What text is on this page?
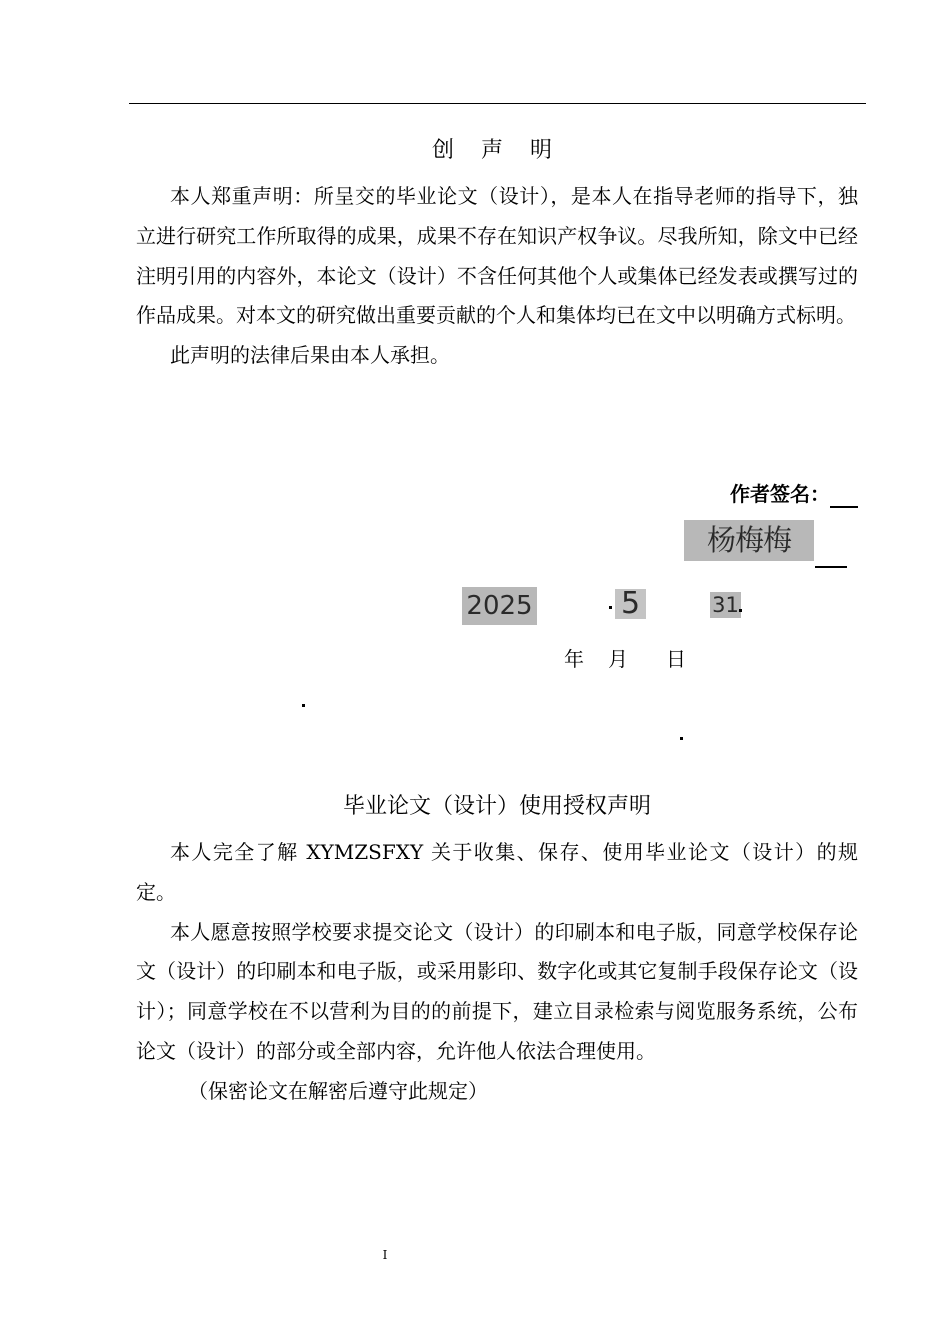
创 声 明

本人郑重声明：所呈交的毕业论文（设计），是本人在指导老师的指导下，独立进行研究工作所取得的成果，成果不存在知识产权争议。尽我所知，除文中已经注明引用的内容外，本论文（设计）不含任何其他个人或集体已经发表或撰写过的作品成果。对本文的研究做出重要贡献的个人和集体均已在文中以明确方式标明。

此声明的法律后果由本人承担。

作者签名：
杨梅梅
2025	5	31
年 月 日
毕业论文（设计）使用授权声明

本人完全了解 XYMZSFXY 关于收集、保存、使用毕业论文（设计）的规定。

本人愿意按照学校要求提交论文（设计）的印刷本和电子版，同意学校保存论文（设计）的印刷本和电子版，或采用影印、数字化或其它复制手段保存论文（设计）；同意学校在不以营利为目的的前提下，建立目录检索与阅览服务系统，公布论文（设计）的部分或全部内容，允许他人依法合理使用。

（保密论文在解密后遵守此规定）

I
